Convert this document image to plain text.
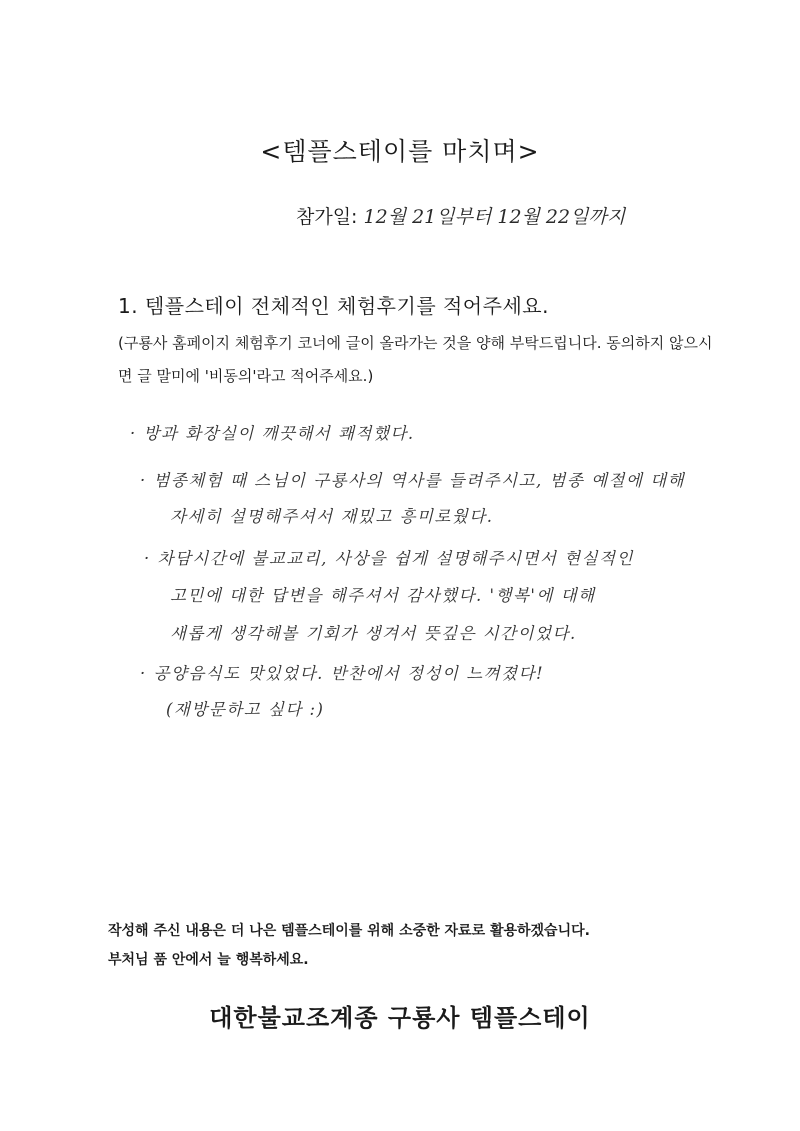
<템플스테이를 마치며>
참가일: 12월 21일부터 12월 22일까지
1. 템플스테이 전체적인 체험후기를 적어주세요.
(구룡사 홈페이지 체험후기 코너에 글이 올라가는 것을 양해 부탁드립니다. 동의하지 않으시면 글 말미에 '비동의'라고 적어주세요.)
· 방과 화장실이 깨끗해서 쾌적했다.
· 범종체험 때 스님이 구룡사의 역사를 들려주시고, 범종 예절에 대해
자세히 설명해주셔서 재밌고 흥미로웠다.
· 차담시간에 불교교리, 사상을 쉽게 설명해주시면서 현실적인
고민에 대한 답변을 해주셔서 감사했다. '행복'에 대해
새롭게 생각해볼 기회가 생겨서 뜻깊은 시간이었다.
· 공양음식도 맛있었다. 반찬에서 정성이 느껴졌다!
(재방문하고 싶다 :)
작성해 주신 내용은 더 나은 템플스테이를 위해 소중한 자료로 활용하겠습니다.
부처님 품 안에서 늘 행복하세요.
대한불교조계종 구룡사 템플스테이
